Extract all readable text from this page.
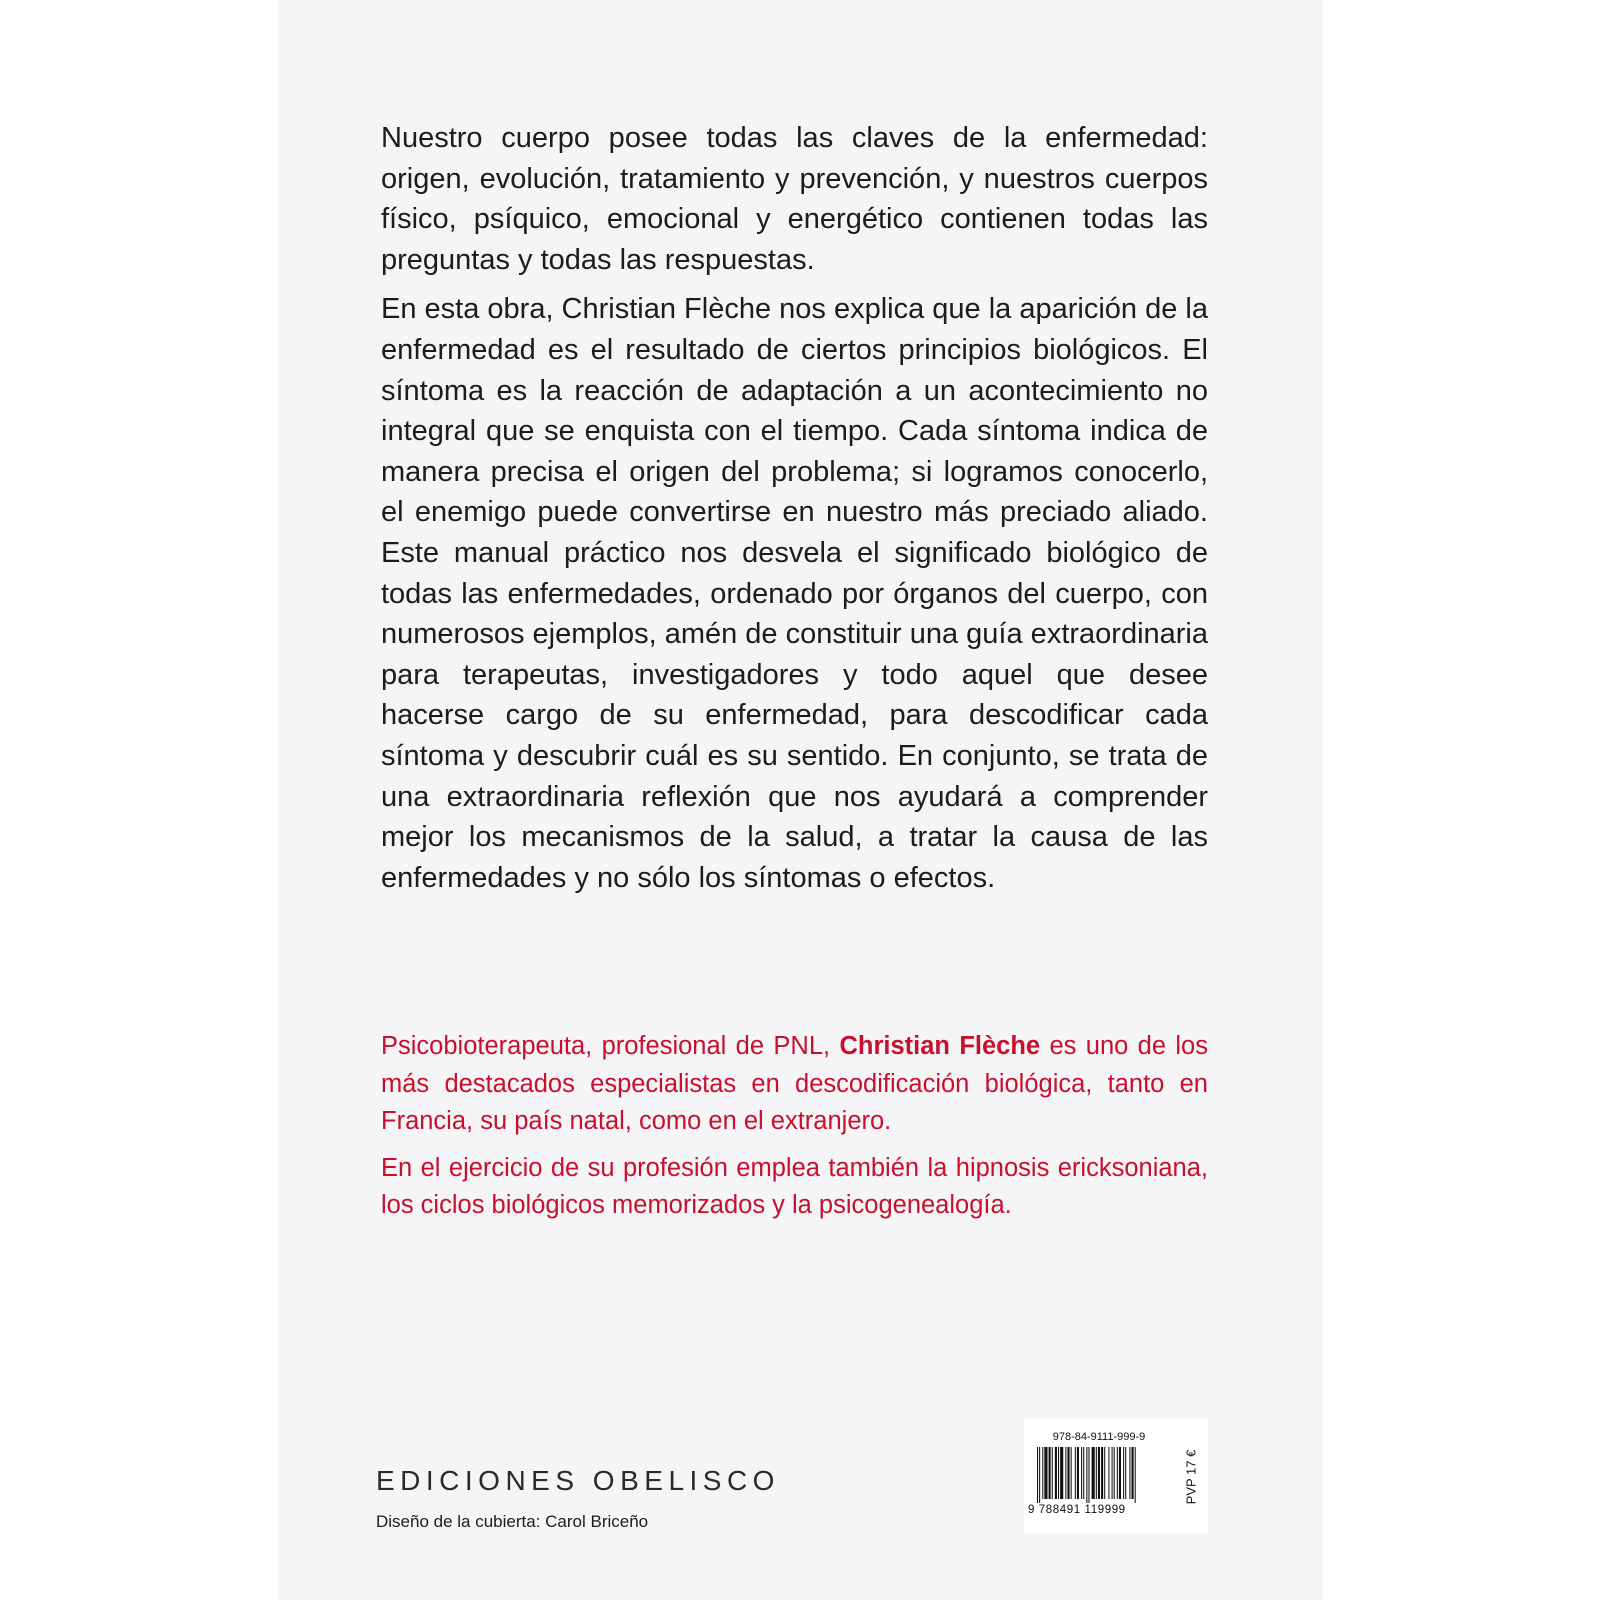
Nuestro cuerpo posee todas las claves de la enfermedad: origen, evolución, tratamiento y prevención, y nuestros cuerpos físico, psíquico, emocional y energético contienen todas las preguntas y todas las respuestas.

En esta obra, Christian Flèche nos explica que la aparición de la enfermedad es el resultado de ciertos principios biológicos. El síntoma es la reacción de adaptación a un acontecimiento no integral que se enquista con el tiempo. Cada síntoma indica de manera precisa el origen del problema; si logramos conocerlo, el enemigo puede convertirse en nuestro más preciado aliado. Este manual práctico nos desvela el significado biológico de todas las enfermedades, ordenado por órganos del cuerpo, con numerosos ejemplos, amén de constituir una guía extraordinaria para terapeutas, investigadores y todo aquel que desee hacerse cargo de su enfermedad, para descodificar cada síntoma y descubrir cuál es su sentido. En conjunto, se trata de una extraordinaria reflexión que nos ayudará a comprender mejor los mecanismos de la salud, a tratar la causa de las enfermedades y no sólo los síntomas o efectos.

Psicobioterapeuta, profesional de PNL, Christian Flèche es uno de los más destacados especialistas en descodificación biológica, tanto en Francia, su país natal, como en el extranjero.

En el ejercicio de su profesión emplea también la hipnosis ericksoniana, los ciclos biológicos memorizados y la psicogenealogía.

EDICIONES OBELISCO
Diseño de la cubierta: Carol Briceño
978-84-9111-999-9
9 788491 119999
PVP 17 €
